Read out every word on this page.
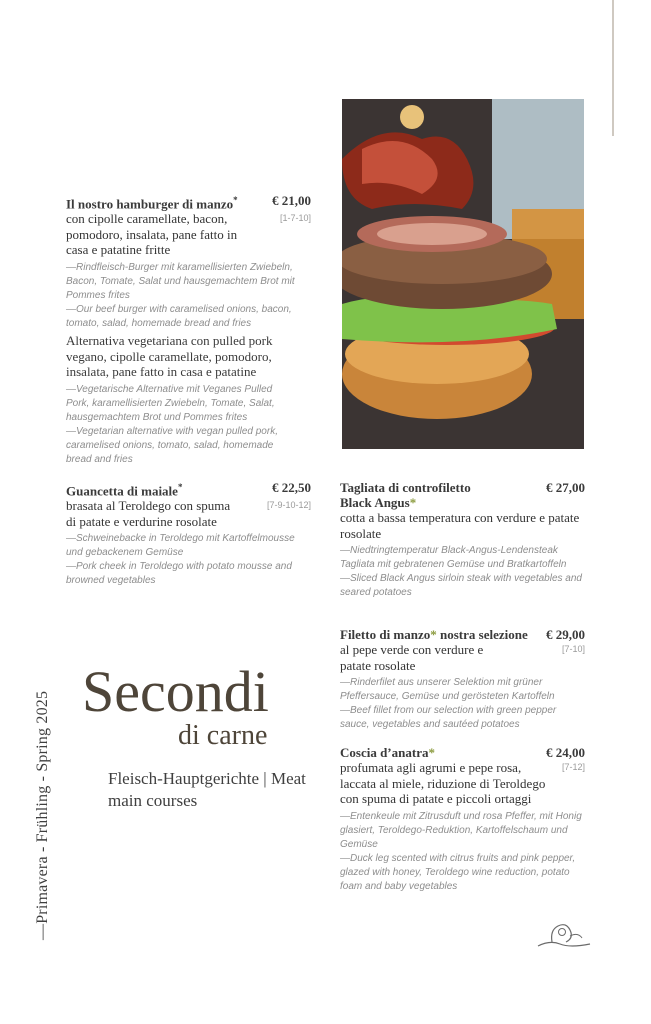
—Primavera - Frühling - Spring 2025
Il nostro hamburger di manzo*	€ 21,00
con cipolle caramellate, bacon, pomodoro, insalata, pane fatto in casa e patatine fritte
[1-7-10]
—Rindfleisch-Burger mit karamellisierten Zwiebeln, Bacon, Tomate, Salat und hausgemachtem Brot mit Pommes frites
—Our beef burger with caramelised onions, bacon, tomato, salad, homemade bread and fries
Alternativa vegetariana con pulled pork vegano, cipolle caramellate, pomodoro, insalata, pane fatto in casa e patatine
—Vegetarische Alternative mit Veganes Pulled Pork, karamellisierten Zwiebeln, Tomate, Salat, hausgemachtem Brot und Pommes frites
—Vegetarian alternative with vegan pulled pork, caramelised onions, tomato, salad, homemade bread and fries
Guancetta di maiale*	€ 22,50
brasata al Teroldego con spuma di patate e verdurine rosolate
[7-9-10-12]
—Schweinebacke in Teroldego mit Kartoffelmousse und gebackenem Gemüse
—Pork cheek in Teroldego with potato mousse and browned vegetables
Tagliata di controfiletto Black Angus*
€ 27,00
cotta a bassa temperatura con verdure e patate rosolate
—Niedtringtemperatur Black-Angus-Lendensteak Tagliata mit gebratenen Gemüse und Bratkartoffeln
—Sliced Black Angus sirloin steak with vegetables and seared potatoes
Filetto di manzo* nostra selezione € 29,00
al pepe verde con verdure e patate rosolate
[7-10]
—Rinderfilet aus unserer Selektion mit grüner Pfeffersauce, Gemüse und gerösteten Kartoffeln
—Beef fillet from our selection with green pepper sauce, vegetables and sautéed potatoes
Coscia d’anatra*	€ 24,00
profumata agli agrumi e pepe rosa, laccata al miele, riduzione di Teroldego con spuma di patate e piccoli ortaggi
[7-12]
—Entenkeule mit Zitrusduft und rosa Pfeffer, mit Honig glasiert, Teroldego-Reduktion, Kartoffelschaum und Gemüse
—Duck leg scented with citrus fruits and pink pepper, glazed with honey, Teroldego wine reduction, potato foam and baby vegetables
Secondi
di carne
Fleisch-Hauptgerichte | Meat main courses
